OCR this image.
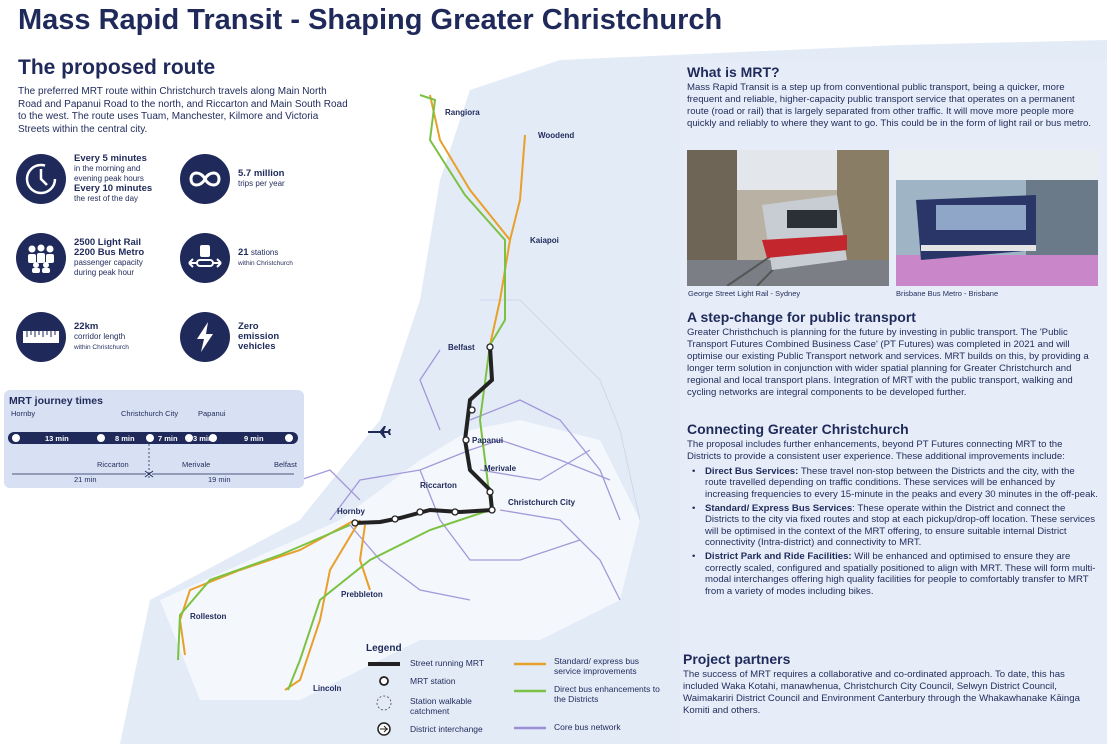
Mass Rapid Transit - Shaping Greater Christchurch
The proposed route
The preferred MRT route within Christchurch travels along Main North Road and Papanui Road to the north, and Riccarton and Main South Road to the west. The route uses Tuam, Manchester, Kilmore and Victoria Streets within the central city.
Every 5 minutes
in the morning and
evening peak hours
Every 10 minutes
the rest of the day
5.7 million
trips per year
2500 Light Rail
2200 Bus Metro
passenger capacity
during peak hour
21 stations
within Christchurch
22km
corridor length
within Christchurch
Zero
emission
vehicles
MRT journey times
13 min	8 min	7 min 3 min	9 min
Hornby	Christchurch City	Papanui
Riccarton	Merivale	Belfast
21 min	19 min
Rangiora
Woodend
Kaiapoi
Belfast
Papanui
Merivale
Riccarton
Christchurch City
Hornby
Prebbleton
Rolleston
Lincoln
Legend
Street running MRT
MRT station
Station walkable catchment
District interchange
Standard/ express bus service improvements
Direct bus enhancements to the Districts
Core bus network
What is MRT?

Mass Rapid Transit is a step up from conventional public transport, being a quicker, more frequent and reliable, higher-capacity public transport service that operates on a permanent route (road or rail) that is largely separated from other traffic. It will move more people more quickly and reliably to where they want to go. This could be in the form of light rail or bus metro.

George Street Light Rail - Sydney	Brisbane Bus Metro - Brisbane
A step-change for public transport

Greater Christhchuch is planning for the future by investing in public transport. The 'Public Transport Futures Combined Business Case' (PT Futures) was completed in 2021 and will optimise our existing Public Transport network and services. MRT builds on this, by providing a longer term solution in conjunction with wider spatial planning for Greater Christchurch and regional and local transport plans. Integration of MRT with the public transport, walking and cycling networks are integral components to be developed further.

Connecting Greater Christchurch

The proposal includes further enhancements, beyond PT Futures connecting MRT to the Districts to provide a consistent user experience. These additional improvements include:

• Direct Bus Services: These travel non-stop between the Districts and the city, with the route travelled depending on traffic conditions. These services will be enhanced by increasing frequencies to every 15-minute in the peaks and every 30 minutes in the off-peak.
• Standard/ Express Bus Services: These operate within the District and connect the Districts to the city via fixed routes and stop at each pickup/drop-off location. These services will be optimised in the context of the MRT offering, to ensure suitable internal District connectivity (Intra-district) and connectivity to MRT.
• District Park and Ride Facilities: Will be enhanced and optimised to ensure they are correctly scaled, configured and spatially positioned to align with MRT. These will form multi-modal interchanges offering high quality facilities for people to comfortably transfer to MRT from a variety of modes including bikes.
Project partners

The success of MRT requires a collaborative and co-ordinated approach. To date, this has included Waka Kotahi, manawhenua, Christchurch City Council, Selwyn District Council, Waimakariri District Council and Environment Canterbury through the Whakawhanake Kāinga Komiti and others.
